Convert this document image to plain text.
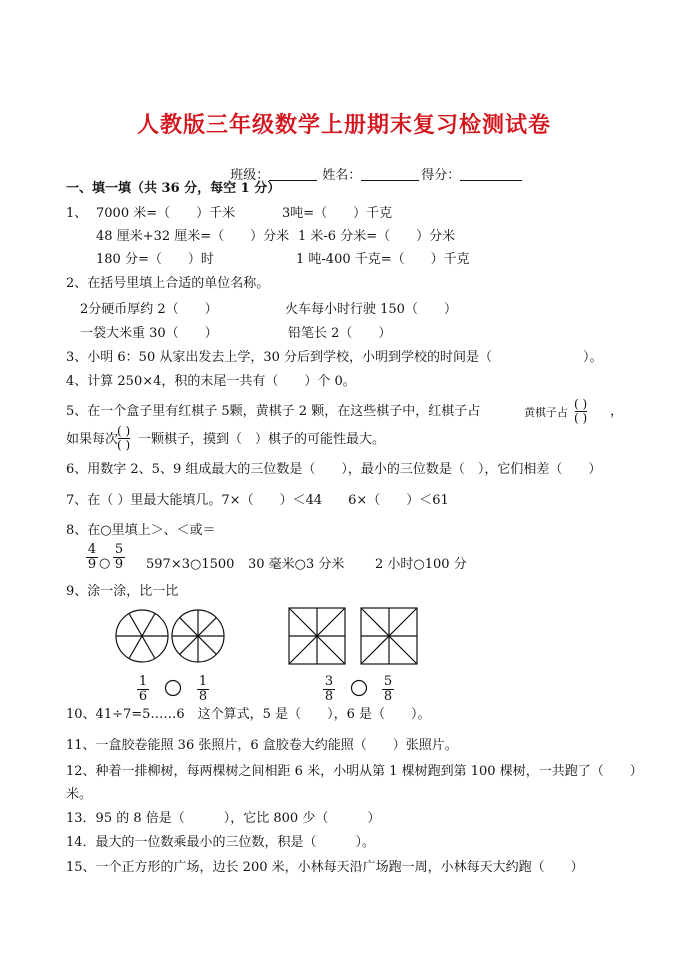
人教版三年级数学上册期末复习检测试卷

班级：	姓名：	得分：

一、填一填（共 36 分，每空 1 分）
1、 7000 米=（　　）千米	3吨=（　　）千克
48 厘米+32 厘米=（　　）分米 1 米-6 分米=（　　）分米
180 分=（　　）时	1 吨-400 千克=（　　）千克
2、在括号里填上合适的单位名称。
2分硬币厚约 2（　　）	火车每小时行驶 150（　　）
一袋大米重 30（　　）	铅笔长 2（　　）
3、小明 6：50 从家出发去上学，30 分后到学校，小明到学校的时间是（　　　　　　　）。
4、计算 250×4，积的末尾一共有（　　）个 0。
5、在一个盒子里有红棋子 5颗，黄棋子 2 颗，在这些棋子中，红棋子占	黄棋子占
( )
( ) ，
如果每次
( )
( ) 一颗棋子，摸到（　）棋子的可能性最大。
6、用数字 2、5、9 组成最大的三位数是（　　），最小的三位数是（　），它们相差（　　）
7、在（ ）里最大能填几。7×（　　）＜44　　6×（　　）＜61
8、在○里填上＞、＜或＝
4
9 ○
5
9 597×3○1500 30 毫米○3 分米 2 小时○100 分
9、涂一涂，比一比
1
6
1
8
3
8
5
8
10、41÷7=5……6　这个算式，5 是（　　），6 是（　　）。
11、一盒胶卷能照 36 张照片，6 盒胶卷大约能照（　　）张照片。
12、种着一排柳树，每两棵树之间相距 6 米，小明从第 1 棵树跑到第 100 棵树，一共跑了（　　）
米。
13．95 的 8 倍是（　　　），它比 800 少（　　　）
14．最大的一位数乘最小的三位数，积是（　　　）。
15、一个正方形的广场，边长 200 米，小林每天沿广场跑一周，小林每天大约跑（　　）
